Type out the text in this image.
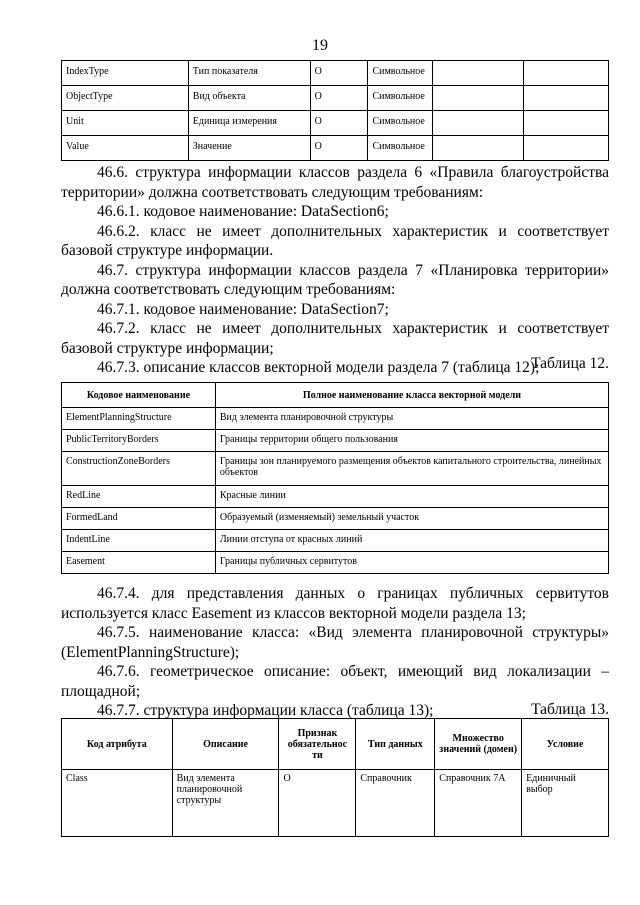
19
IndexType	Тип показателя	O	Символьное		
ObjectType	Вид объекта	O	Символьное		
Unit	Единица измерения	O	Символьное		
Value	Значение	O	Символьное		

46.6. структура информации классов раздела 6 «Правила благоустройства территории» должна соответствовать следующим требованиям:

46.6.1. кодовое наименование: DataSection6;

46.6.2. класс не имеет дополнительных характеристик и соответствует базовой структуре информации.

46.7. структура информации классов раздела 7 «Планировка территории» должна соответствовать следующим требованиям:

46.7.1. кодовое наименование: DataSection7;

46.7.2. класс не имеет дополнительных характеристик и соответствует базовой структуре информации;

46.7.3. описание классов векторной модели раздела 7 (таблица 12);

Таблица 12.
Кодовое наименование	Полное наименование класса векторной модели
ElementPlanningStructure	Вид элемента планировочной структуры
PublicTerritoryBorders	Границы территории общего пользования
ConstructionZoneBorders	Границы зон планируемого размещения объектов капитального строительства, линейных объектов
RedLine	Красные линии
FormedLand	Образуемый (изменяемый) земельный участок
IndentLine	Линии отступа от красных линий
Easement	Границы публичных сервитутов

46.7.4. для представления данных о границах публичных сервитутов используется класс Easement из классов векторной модели раздела 13;

46.7.5. наименование класса: «Вид элемента планировочной структуры» (ElementPlanningStructure);

46.7.6. геометрическое описание: объект, имеющий вид локализации – площадной;

46.7.7. структура информации класса (таблица 13);	Таблица 13.
Код атрибута	Описание	Признак обязательнос ти	Тип данных	Множество значений (домен)	Условие
Class	Вид элемента планировочной структуры	O	Справочник	Справочник 7А	Единичный выбор
